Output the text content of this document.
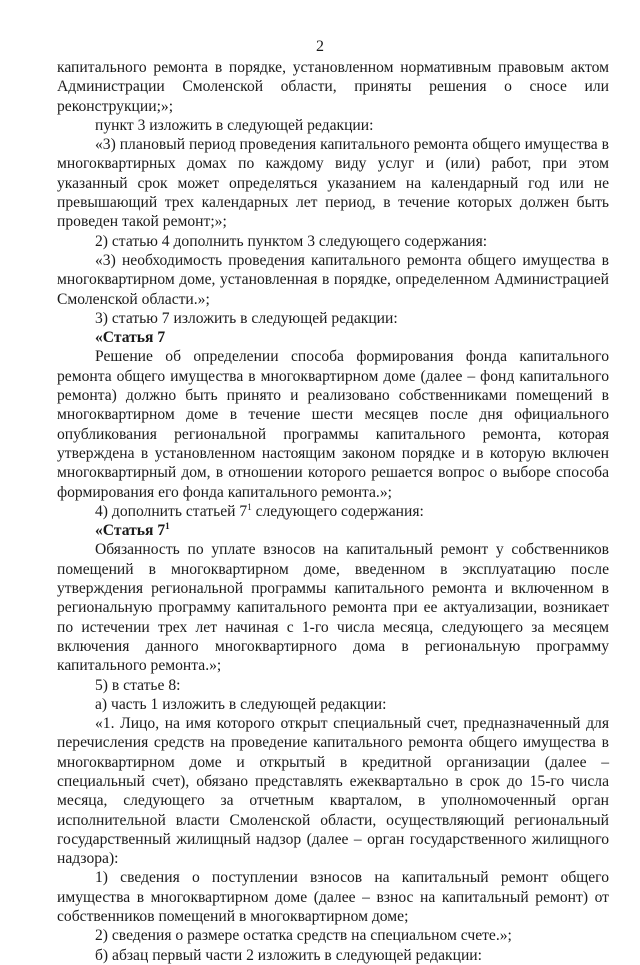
2

капитального ремонта в порядке, установленном нормативным правовым актом Администрации Смоленской области, приняты решения о сносе или реконструкции;»;

пункт 3 изложить в следующей редакции:

«3) плановый период проведения капитального ремонта общего имущества в многоквартирных домах по каждому виду услуг и (или) работ, при этом указанный срок может определяться указанием на календарный год или не превышающий трех календарных лет период, в течение которых должен быть проведен такой ремонт;»;

2) статью 4 дополнить пунктом 3 следующего содержания:

«3) необходимость проведения капитального ремонта общего имущества в многоквартирном доме, установленная в порядке, определенном Администрацией Смоленской области.»;

3) статью 7 изложить в следующей редакции:

«Статья 7

Решение об определении способа формирования фонда капитального ремонта общего имущества в многоквартирном доме (далее – фонд капитального ремонта) должно быть принято и реализовано собственниками помещений в многоквартирном доме в течение шести месяцев после дня официального опубликования региональной программы капитального ремонта, которая утверждена в установленном настоящим законом порядке и в которую включен многоквартирный дом, в отношении которого решается вопрос о выборе способа формирования его фонда капитального ремонта.»;

4) дополнить статьей $7^1$ следующего содержания:

«Статья $7^1$

Обязанность по уплате взносов на капитальный ремонт у собственников помещений в многоквартирном доме, введенном в эксплуатацию после утверждения региональной программы капитального ремонта и включенном в региональную программу капитального ремонта при ее актуализации, возникает по истечении трех лет начиная с 1-го числа месяца, следующего за месяцем включения данного многоквартирного дома в региональную программу капитального ремонта.»;

5) в статье 8:

а) часть 1 изложить в следующей редакции:

«1. Лицо, на имя которого открыт специальный счет, предназначенный для перечисления средств на проведение капитального ремонта общего имущества в многоквартирном доме и открытый в кредитной организации (далее – специальный счет), обязано представлять ежеквартально в срок до 15-го числа месяца, следующего за отчетным кварталом, в уполномоченный орган исполнительной власти Смоленской области, осуществляющий региональный государственный жилищный надзор (далее – орган государственного жилищного надзора):

1) сведения о поступлении взносов на капитальный ремонт общего имущества в многоквартирном доме (далее – взнос на капитальный ремонт) от собственников помещений в многоквартирном доме;

2) сведения о размере остатка средств на специальном счете.»;

б) абзац первый части 2 изложить в следующей редакции:
